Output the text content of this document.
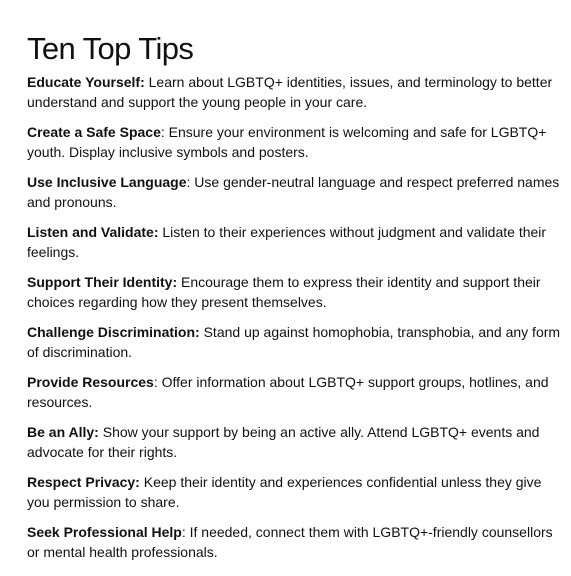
Ten Top Tips
Educate Yourself: Learn about LGBTQ+ identities, issues, and terminology to better understand and support the young people in your care.
Create a Safe Space: Ensure your environment is welcoming and safe for LGBTQ+ youth. Display inclusive symbols and posters.
Use Inclusive Language: Use gender-neutral language and respect preferred names and pronouns.
Listen and Validate: Listen to their experiences without judgment and validate their feelings.
Support Their Identity: Encourage them to express their identity and support their choices regarding how they present themselves.
Challenge Discrimination: Stand up against homophobia, transphobia, and any form of discrimination.
Provide Resources: Offer information about LGBTQ+ support groups, hotlines, and resources.
Be an Ally: Show your support by being an active ally. Attend LGBTQ+ events and advocate for their rights.
Respect Privacy: Keep their identity and experiences confidential unless they give you permission to share.
Seek Professional Help: If needed, connect them with LGBTQ+-friendly counsellors or mental health professionals.
